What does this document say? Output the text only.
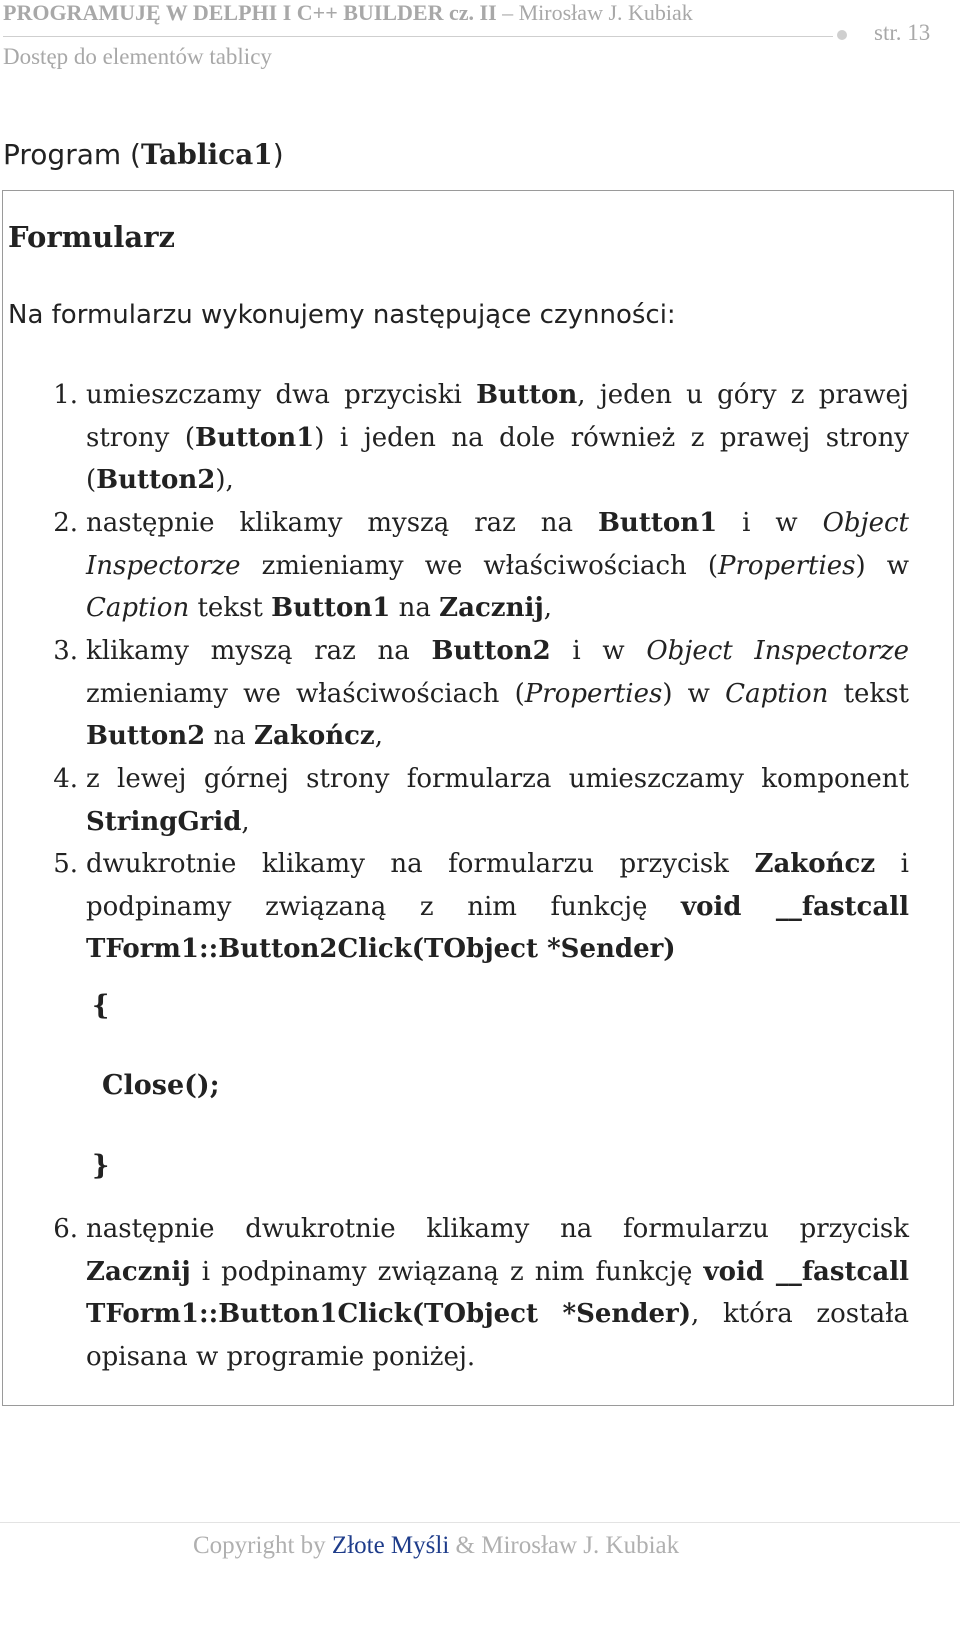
PROGRAMUJĘ W DELPHI I C++ BUILDER cz. II – Mirosław J. Kubiak
Dostęp do elementów tablicy
str. 13
Program (Tablica1)
Formularz
Na formularzu wykonujemy następujące czynności:
1. umieszczamy dwa przyciski Button, jeden u góry z prawej strony (Button1) i jeden na dole również z prawej strony (Button2),
2. następnie klikamy myszą raz na Button1 i w Object Inspectorze zmieniamy we właściwościach (Properties) w Caption tekst Button1 na Zacznij,
3. klikamy myszą raz na Button2 i w Object Inspectorze zmieniamy we właściwościach (Properties) w Caption tekst Button2 na Zakończ,
4. z lewej górnej strony formularza umieszczamy komponent StringGrid,
5. dwukrotnie klikamy na formularzu przycisk Zakończ i podpinamy związaną z nim funkcję void __fastcall TForm1::Button2Click(TObject *Sender)
{
Close();
}
6. następnie dwukrotnie klikamy na formularzu przycisk Zacznij i podpinamy związaną z nim funkcję void __fastcall TForm1::Button1Click(TObject *Sender), która została opisana w programie poniżej.
Copyright by Złote Myśli & Mirosław J. Kubiak
